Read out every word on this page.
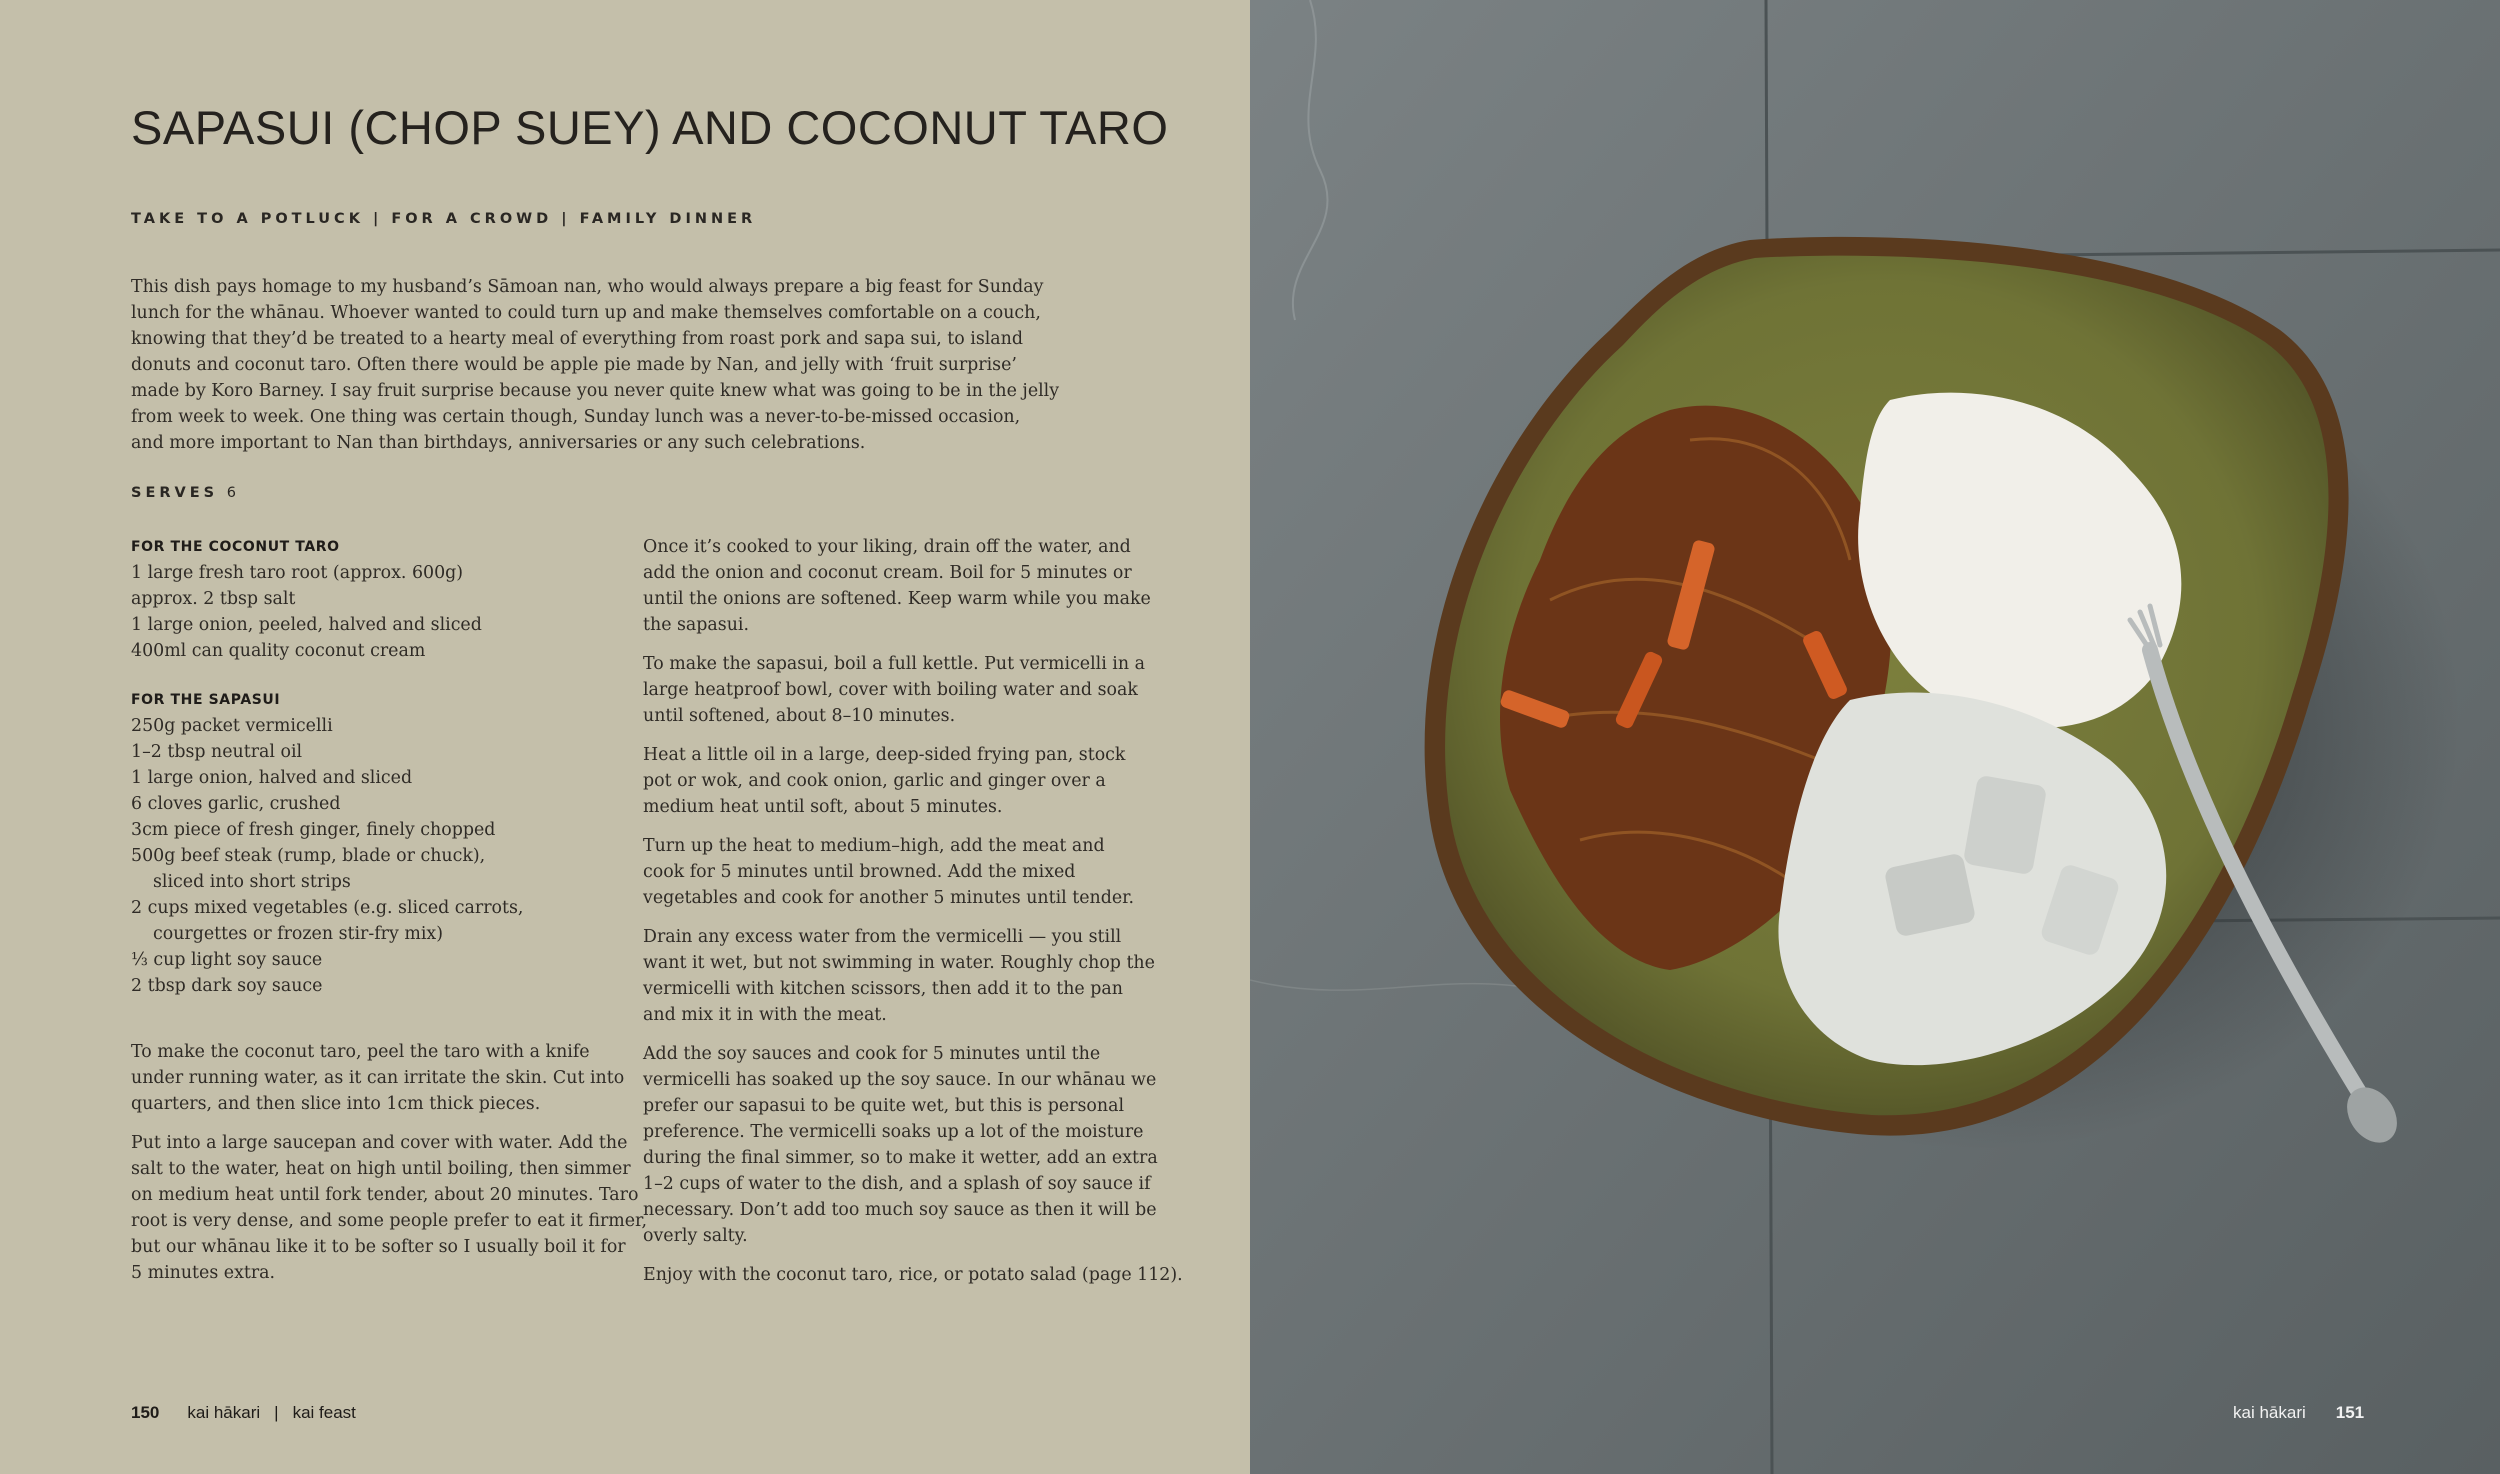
SAPASUI (CHOP SUEY) AND COCONUT TARO
TAKE TO A POTLUCK | FOR A CROWD | FAMILY DINNER
This dish pays homage to my husband’s Sāmoan nan, who would always prepare a big feast for Sunday
lunch for the whānau. Whoever wanted to could turn up and make themselves comfortable on a couch,
knowing that they’d be treated to a hearty meal of everything from roast pork and sapa sui, to island
donuts and coconut taro. Often there would be apple pie made by Nan, and jelly with ‘fruit surprise’
made by Koro Barney. I say fruit surprise because you never quite knew what was going to be in the jelly
from week to week. One thing was certain though, Sunday lunch was a never-to-be-missed occasion,
and more important to Nan than birthdays, anniversaries or any such celebrations.
SERVES 6
FOR THE COCONUT TARO
1 large fresh taro root (approx. 600g)
approx. 2 tbsp salt
1 large onion, peeled, halved and sliced
400ml can quality coconut cream
FOR THE SAPASUI
250g packet vermicelli
1–2 tbsp neutral oil
1 large onion, halved and sliced
6 cloves garlic, crushed
3cm piece of fresh ginger, finely chopped
500g beef steak (rump, blade or chuck),
sliced into short strips
2 cups mixed vegetables (e.g. sliced carrots,
courgettes or frozen stir-fry mix)
⅓ cup light soy sauce
2 tbsp dark soy sauce
To make the coconut taro, peel the taro with a knife
under running water, as it can irritate the skin. Cut into
quarters, and then slice into 1cm thick pieces.
Put into a large saucepan and cover with water. Add the
salt to the water, heat on high until boiling, then simmer
on medium heat until fork tender, about 20 minutes. Taro
root is very dense, and some people prefer to eat it firmer,
but our whānau like it to be softer so I usually boil it for
5 minutes extra.
Once it’s cooked to your liking, drain off the water, and
add the onion and coconut cream. Boil for 5 minutes or
until the onions are softened. Keep warm while you make
the sapasui.
To make the sapasui, boil a full kettle. Put vermicelli in a
large heatproof bowl, cover with boiling water and soak
until softened, about 8–10 minutes.
Heat a little oil in a large, deep-sided frying pan, stock
pot or wok, and cook onion, garlic and ginger over a
medium heat until soft, about 5 minutes.
Turn up the heat to medium–high, add the meat and
cook for 5 minutes until browned. Add the mixed
vegetables and cook for another 5 minutes until tender.
Drain any excess water from the vermicelli — you still
want it wet, but not swimming in water. Roughly chop the
vermicelli with kitchen scissors, then add it to the pan
and mix it in with the meat.
Add the soy sauces and cook for 5 minutes until the
vermicelli has soaked up the soy sauce. In our whānau we
prefer our sapasui to be quite wet, but this is personal
preference. The vermicelli soaks up a lot of the moisture
during the final simmer, so to make it wetter, add an extra
1–2 cups of water to the dish, and a splash of soy sauce if
necessary. Don’t add too much soy sauce as then it will be
overly salty.
Enjoy with the coconut taro, rice, or potato salad (page 112).
150 kai hākari | kai feast	kai hākari 151
